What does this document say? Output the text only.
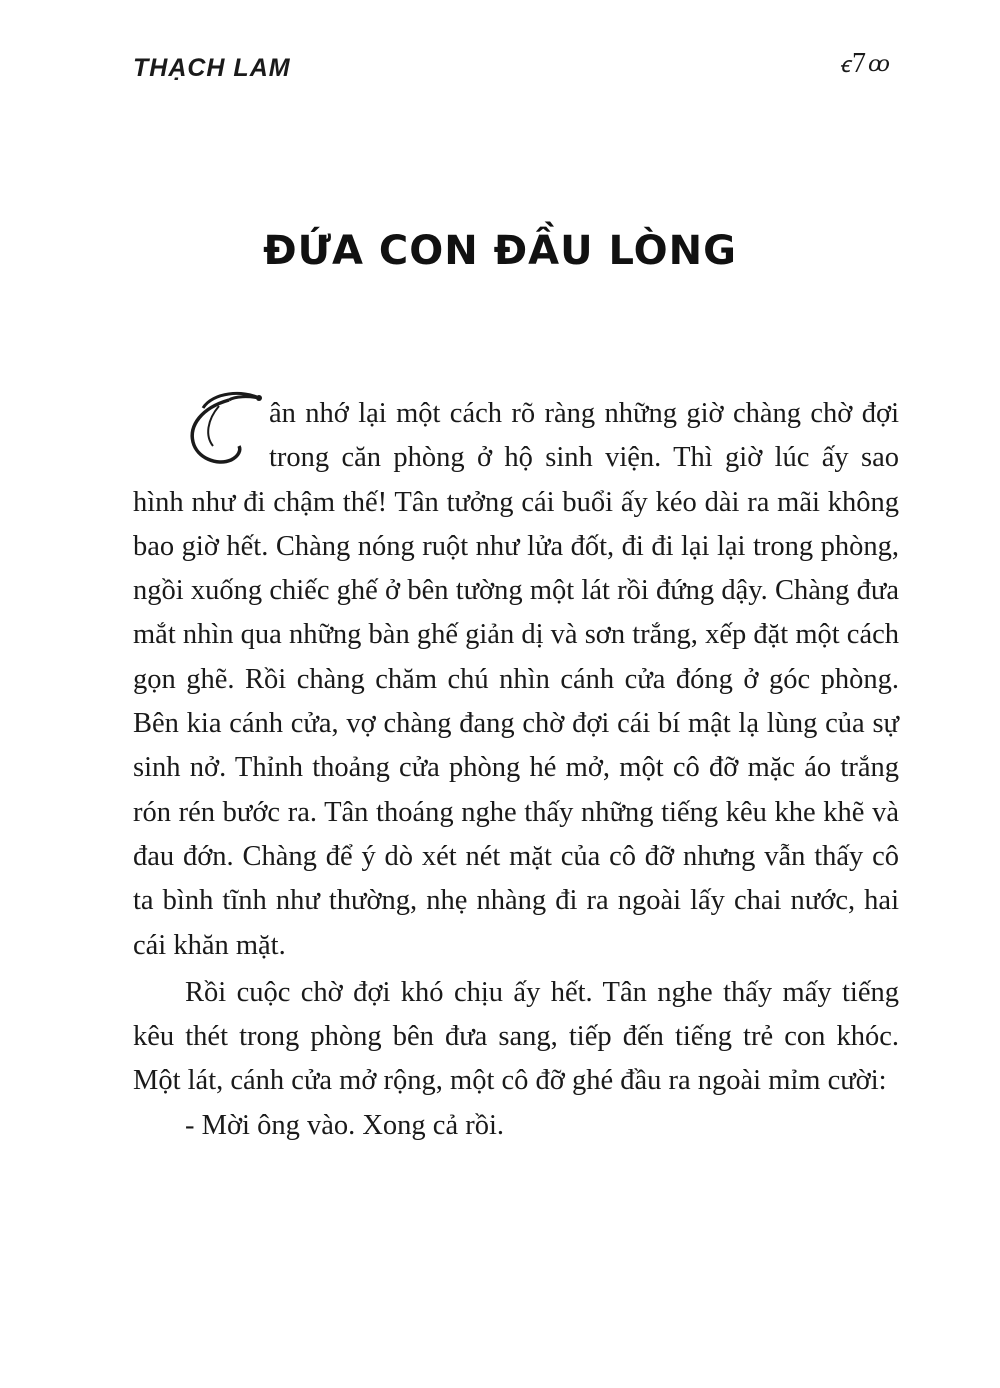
THẠCH LAM	ꞓ 7 ꝏ
ĐỨA CON ĐẦU LÒNG

ân nhớ lại một cách rõ ràng những giờ chàng chờ đợi trong căn phòng ở hộ sinh viện. Thì giờ lúc ấy sao hình như đi chậm thế! Tân tưởng cái buổi ấy kéo dài ra mãi không bao giờ hết. Chàng nóng ruột như lửa đốt, đi đi lại lại trong phòng, ngồi xuống chiếc ghế ở bên tường một lát rồi đứng dậy. Chàng đưa mắt nhìn qua những bàn ghế giản dị và sơn trắng, xếp đặt một cách gọn ghẽ. Rồi chàng chăm chú nhìn cánh cửa đóng ở góc phòng. Bên kia cánh cửa, vợ chàng đang chờ đợi cái bí mật lạ lùng của sự sinh nở. Thỉnh thoảng cửa phòng hé mở, một cô đỡ mặc áo trắng rón rén bước ra. Tân thoáng nghe thấy những tiếng kêu khe khẽ và đau đớn. Chàng để ý dò xét nét mặt của cô đỡ nhưng vẫn thấy cô ta bình tĩnh như thường, nhẹ nhàng đi ra ngoài lấy chai nước, hai cái khăn mặt.

Rồi cuộc chờ đợi khó chịu ấy hết. Tân nghe thấy mấy tiếng kêu thét trong phòng bên đưa sang, tiếp đến tiếng trẻ con khóc. Một lát, cánh cửa mở rộng, một cô đỡ ghé đầu ra ngoài mỉm cười:

- Mời ông vào. Xong cả rồi.
